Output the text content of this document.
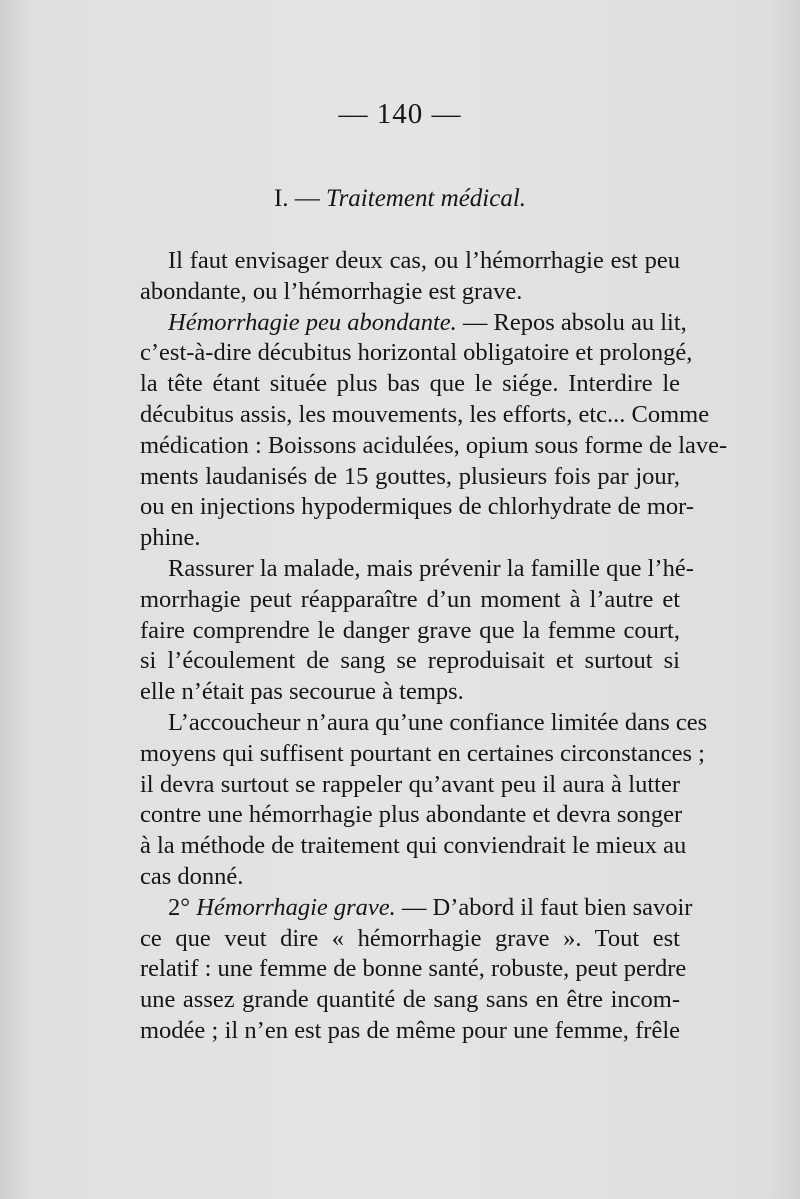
— 140 —
I. — Traitement médical.
Il faut envisager deux cas, ou l’hémorrhagie est peu
abondante, ou l’hémorrhagie est grave.
Hémorrhagie peu abondante. — Repos absolu au lit,
c’est-à-dire décubitus horizontal obligatoire et prolongé,
la tête étant située plus bas que le siége. Interdire le
décubitus assis, les mouvements, les efforts, etc... Comme
médication : Boissons acidulées, opium sous forme de lave-
ments laudanisés de 15 gouttes, plusieurs fois par jour,
ou en injections hypodermiques de chlorhydrate de mor-
phine.
Rassurer la malade, mais prévenir la famille que l’hé-
morrhagie peut réapparaître d’un moment à l’autre et
faire comprendre le danger grave que la femme court,
si l’écoulement de sang se reproduisait et surtout si
elle n’était pas secourue à temps.
L’accoucheur n’aura qu’une confiance limitée dans ces
moyens qui suffisent pourtant en certaines circonstances ;
il devra surtout se rappeler qu’avant peu il aura à lutter
contre une hémorrhagie plus abondante et devra songer
à la méthode de traitement qui conviendrait le mieux au
cas donné.
2° Hémorrhagie grave. — D’abord il faut bien savoir
ce que veut dire « hémorrhagie grave ». Tout est
relatif : une femme de bonne santé, robuste, peut perdre
une assez grande quantité de sang sans en être incom-
modée ; il n’en est pas de même pour une femme, frêle
